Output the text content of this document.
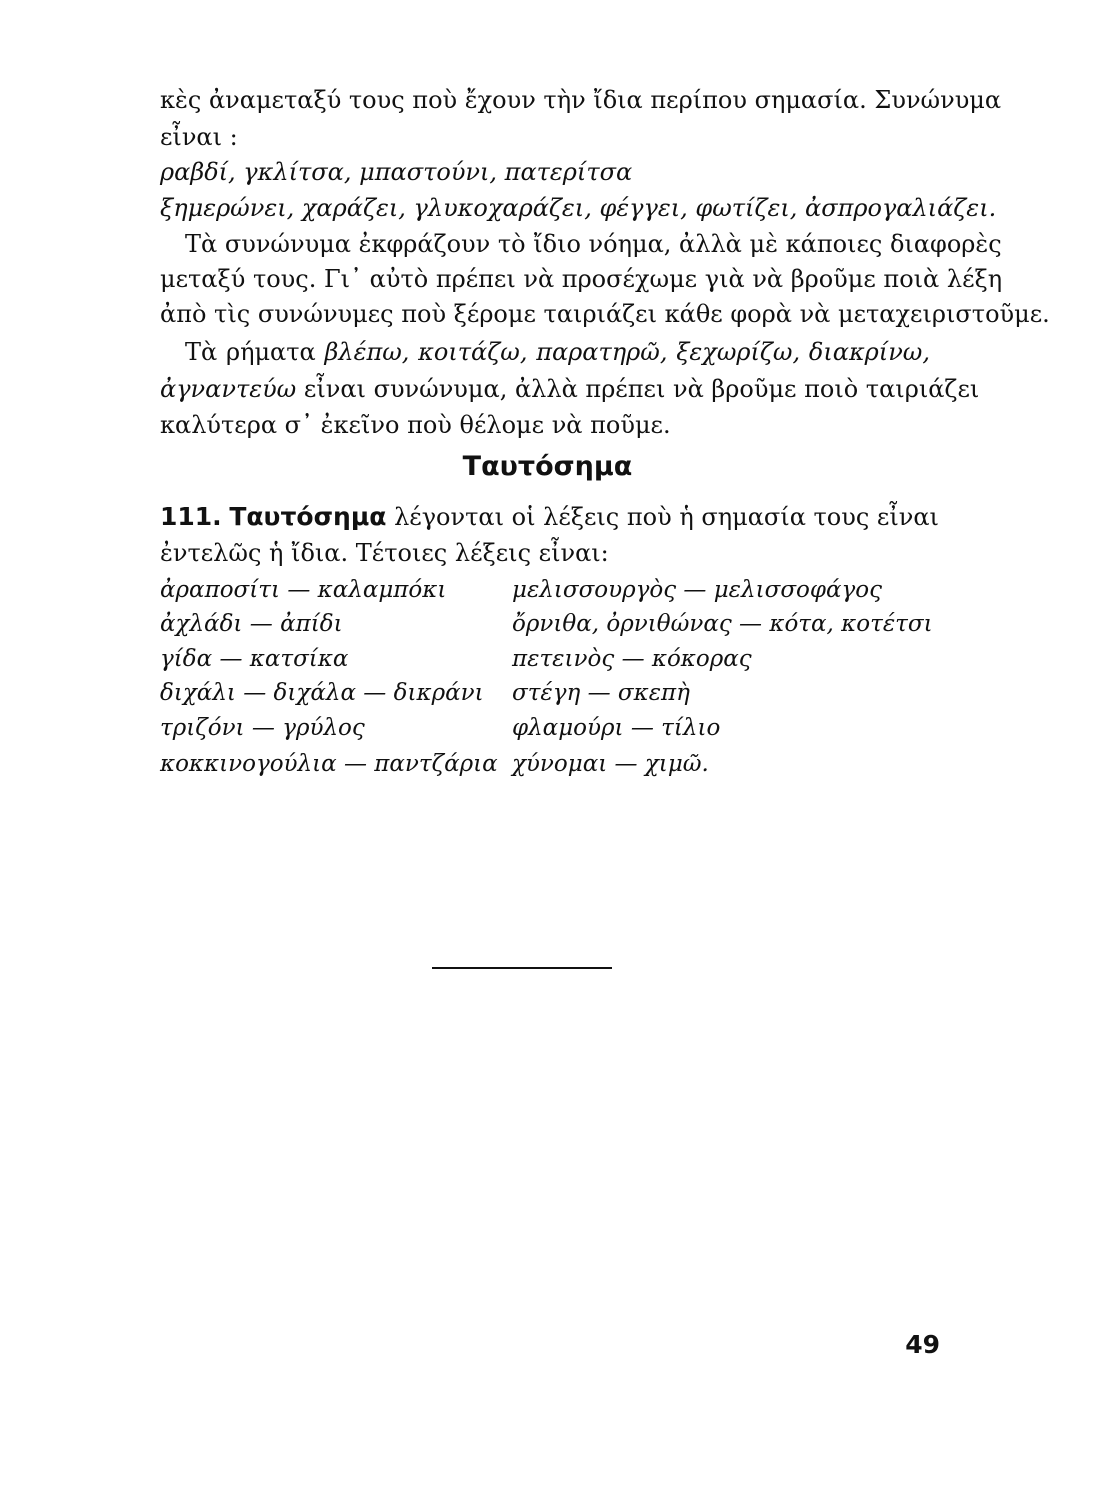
κὲς ἀναμεταξύ τους ποὺ ἔχουν τὴν ἴδια περίπου σημασία. Συνώνυμα
εἶναι :
ραβδί, γκλίτσα, μπαστούνι, πατερίτσα
ξημερώνει, χαράζει, γλυκοχαράζει, φέγγει, φωτίζει, ἀσπρογαλιάζει.
Τὰ συνώνυμα ἐκφράζουν τὸ ἴδιο νόημα, ἀλλὰ μὲ κάποιες διαφορὲς
μεταξύ τους. Γι᾽ αὐτὸ πρέπει νὰ προσέχωμε γιὰ νὰ βροῦμε ποιὰ λέξη
ἀπὸ τὶς συνώνυμες ποὺ ξέρομε ταιριάζει κάθε φορὰ νὰ μεταχειριστοῦμε.
Τὰ ρήματα βλέπω, κοιτάζω, παρατηρῶ, ξεχωρίζω, διακρίνω,
ἀγναντεύω εἶναι συνώνυμα, ἀλλὰ πρέπει νὰ βροῦμε ποιὸ ταιριάζει
καλύτερα σ᾽ ἐκεῖνο ποὺ θέλομε νὰ ποῦμε.
Ταυτόσημα
111. Ταυτόσημα λέγονται οἱ λέξεις ποὺ ἡ σημασία τους εἶναι
ἐντελῶς ἡ ἴδια. Τέτοιες λέξεις εἶναι:
ἀραποσίτι — καλαμπόκι
ἀχλάδι — ἀπίδι
γίδα — κατσίκα
διχάλι — διχάλα — δικράνι
τριζόνι — γρύλος
κοκκινογούλια — παντζάρια
μελισσουργὸς — μελισσοφάγος
ὄρνιθα, ὀρνιθώνας — κότα, κοτέτσι
πετεινὸς — κόκορας
στέγη — σκεπὴ
φλαμούρι — τίλιο
χύνομαι — χιμῶ.
49
